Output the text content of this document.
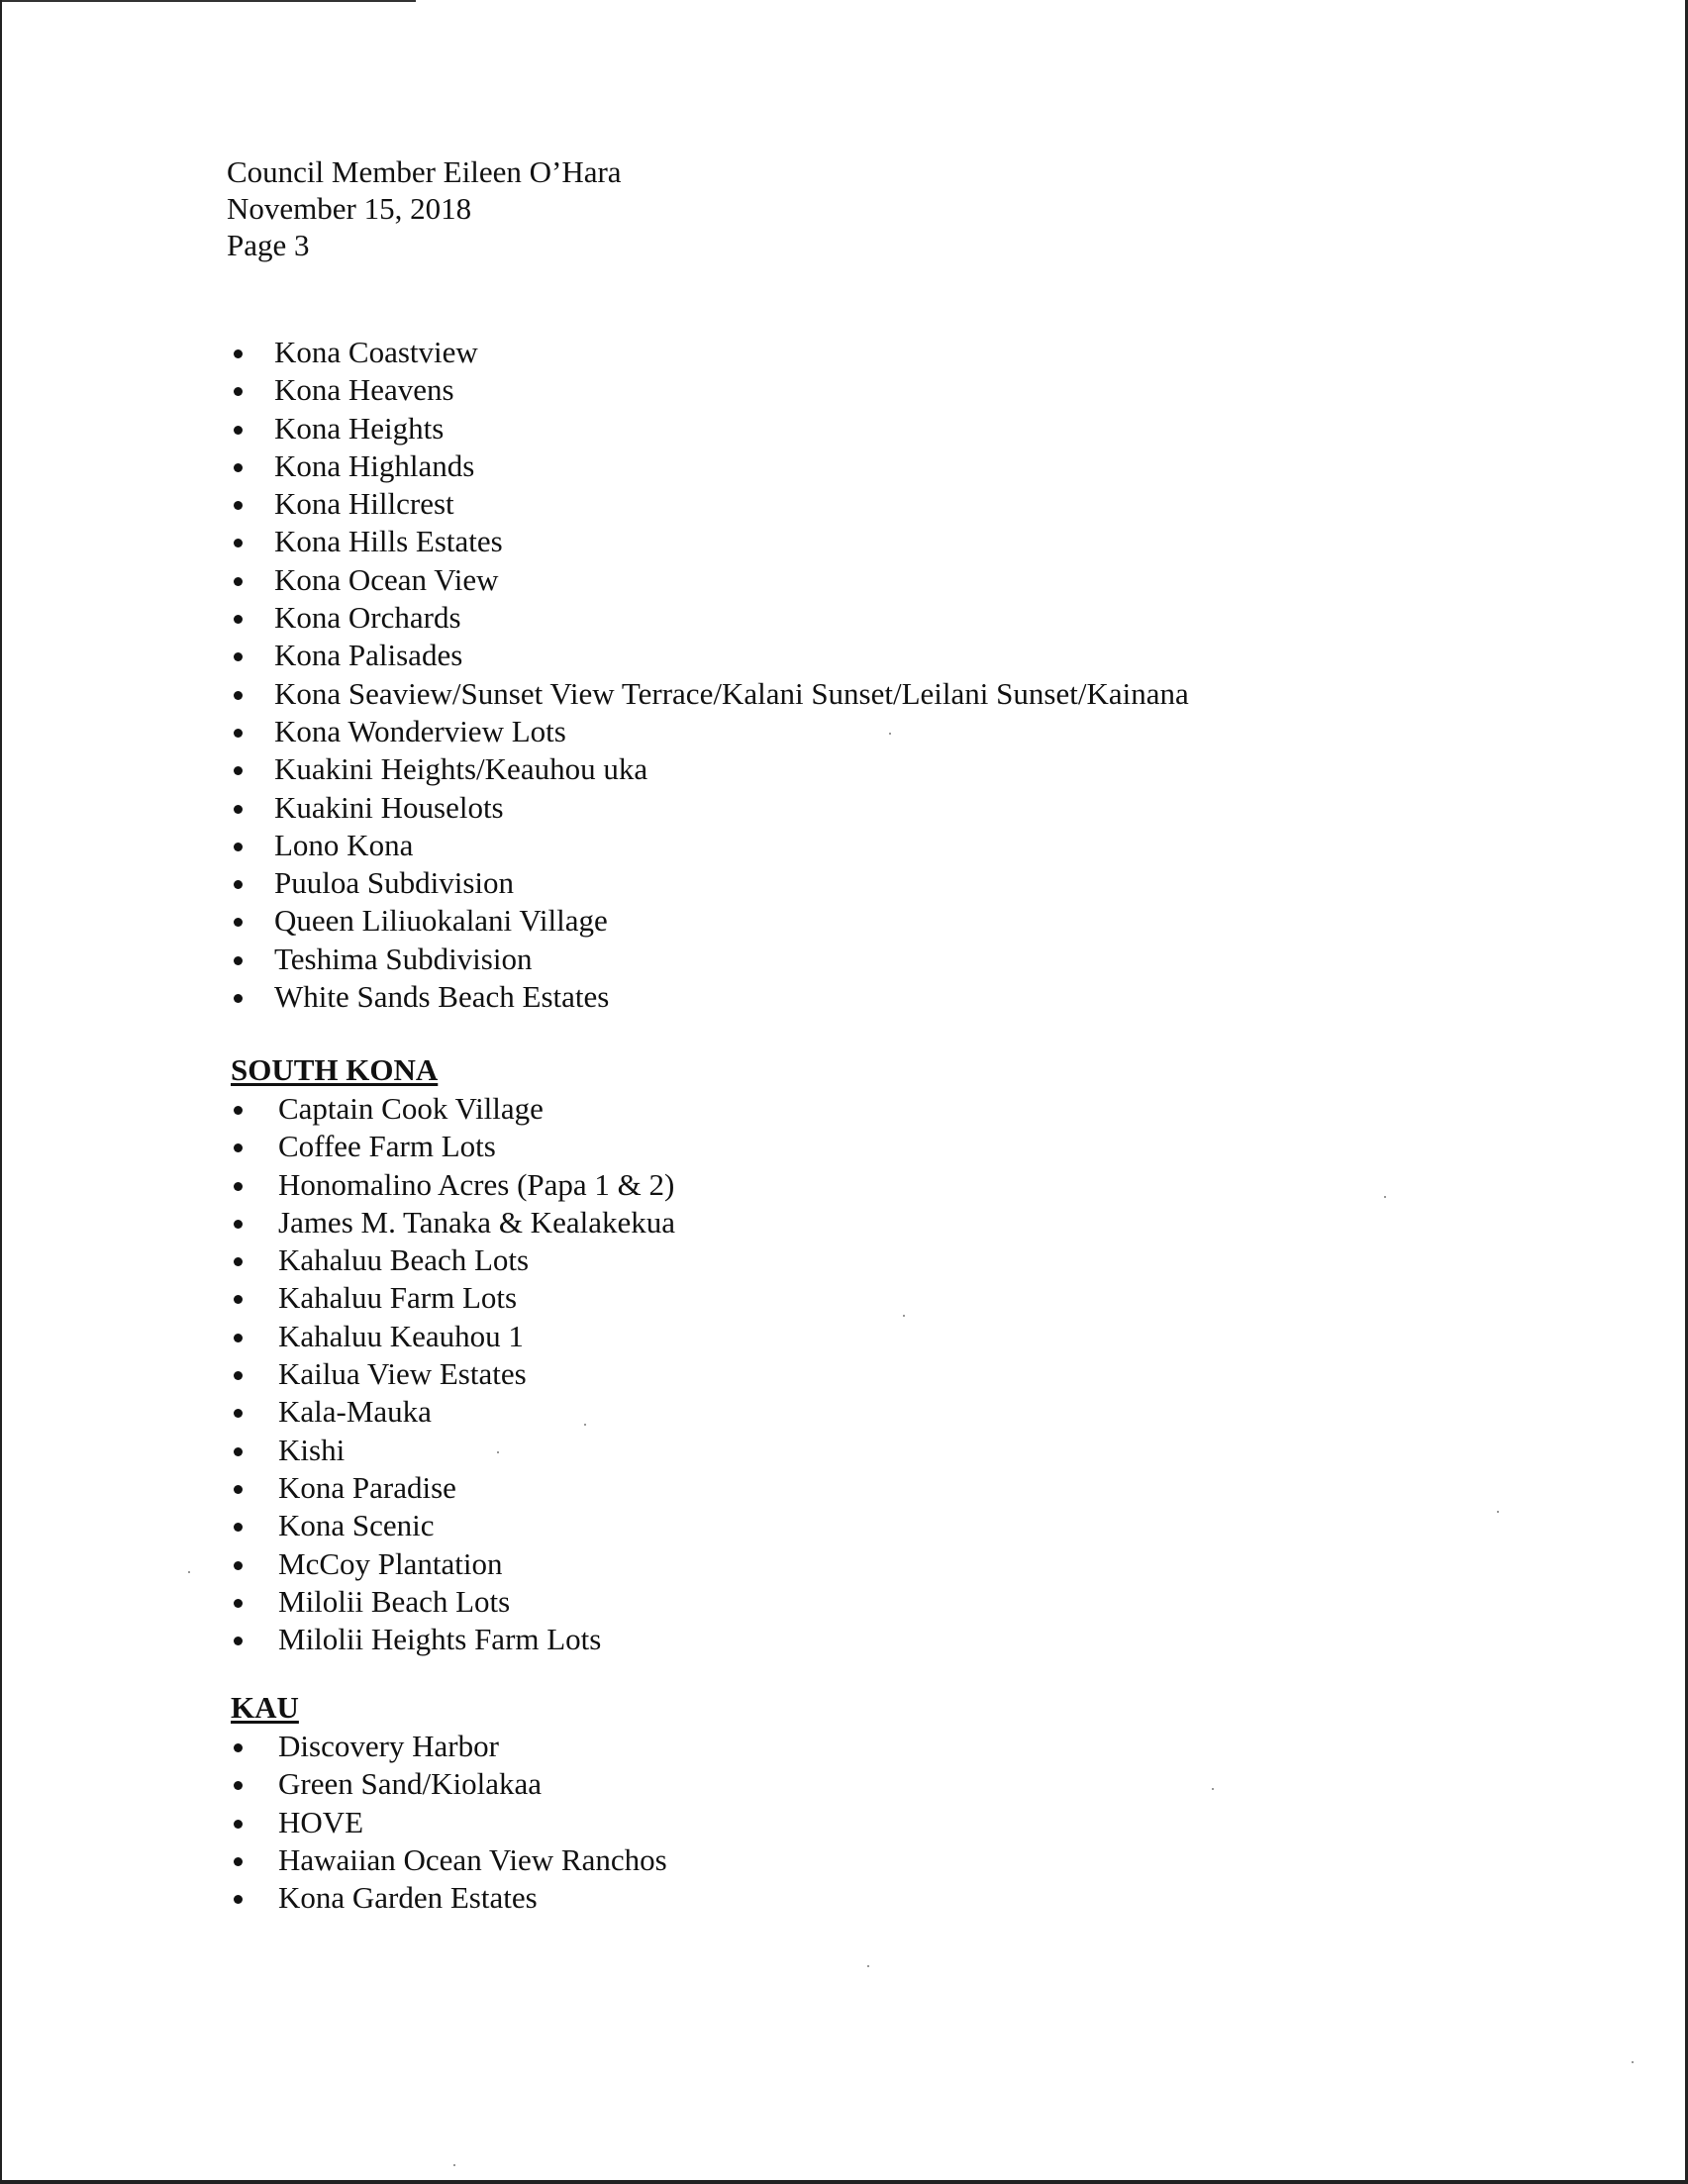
Council Member Eileen O’Hara
November 15, 2018
Page 3
Kona Coastview
Kona Heavens
Kona Heights
Kona Highlands
Kona Hillcrest
Kona Hills Estates
Kona Ocean View
Kona Orchards
Kona Palisades
Kona Seaview/Sunset View Terrace/Kalani Sunset/Leilani Sunset/Kainana
Kona Wonderview Lots
Kuakini Heights/Keauhou uka
Kuakini Houselots
Lono Kona
Puuloa Subdivision
Queen Liliuokalani Village
Teshima Subdivision
White Sands Beach Estates
SOUTH KONA
Captain Cook Village
Coffee Farm Lots
Honomalino Acres (Papa 1 & 2)
James M. Tanaka & Kealakekua
Kahaluu Beach Lots
Kahaluu Farm Lots
Kahaluu Keauhou 1
Kailua View Estates
Kala-Mauka
Kishi
Kona Paradise
Kona Scenic
McCoy Plantation
Milolii Beach Lots
Milolii Heights Farm Lots
KAU
Discovery Harbor
Green Sand/Kiolakaa
HOVE
Hawaiian Ocean View Ranchos
Kona Garden Estates
